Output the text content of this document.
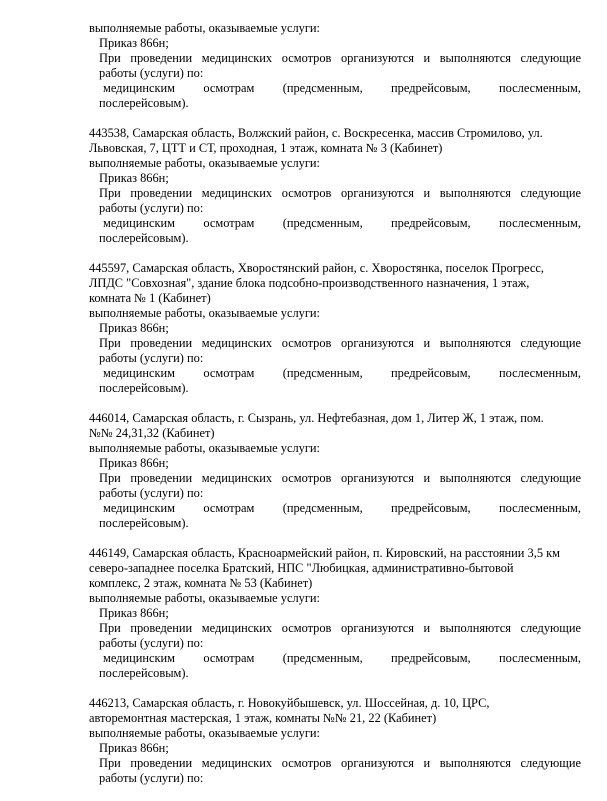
выполняемые работы, оказываемые услуги:
Приказ 866н;
При проведении медицинских осмотров организуются и выполняются следующие
работы (услуги) по:
медицинским осмотрам (предсменным, предрейсовым, послесменным,
послерейсовым).
443538, Самарская область, Волжский район, с. Воскресенка, массив Стромилово, ул.
Львовская, 7, ЦТТ и СТ, проходная, 1 этаж, комната № 3 (Кабинет)
выполняемые работы, оказываемые услуги:
Приказ 866н;
При проведении медицинских осмотров организуются и выполняются следующие
работы (услуги) по:
медицинским осмотрам (предсменным, предрейсовым, послесменным,
послерейсовым).
445597, Самарская область, Хворостянский район, с. Хворостянка, поселок Прогресс,
ЛПДС "Совхозная", здание блока подсобно-производственного назначения, 1 этаж,
комната № 1 (Кабинет)
выполняемые работы, оказываемые услуги:
Приказ 866н;
При проведении медицинских осмотров организуются и выполняются следующие
работы (услуги) по:
медицинским осмотрам (предсменным, предрейсовым, послесменным,
послерейсовым).
446014, Самарская область, г. Сызрань, ул. Нефтебазная, дом 1, Литер Ж, 1 этаж, пом.
№№ 24,31,32 (Кабинет)
выполняемые работы, оказываемые услуги:
Приказ 866н;
При проведении медицинских осмотров организуются и выполняются следующие
работы (услуги) по:
медицинским осмотрам (предсменным, предрейсовым, послесменным,
послерейсовым).
446149, Самарская область, Красноармейский район, п. Кировский, на расстоянии 3,5 км
северо-западнее поселка Братский, НПС "Любицкая, административно-бытовой
комплекс, 2 этаж, комната № 53 (Кабинет)
выполняемые работы, оказываемые услуги:
Приказ 866н;
При проведении медицинских осмотров организуются и выполняются следующие
работы (услуги) по:
медицинским осмотрам (предсменным, предрейсовым, послесменным,
послерейсовым).
446213, Самарская область, г. Новокуйбышевск, ул. Шоссейная, д. 10, ЦРС,
авторемонтная мастерская, 1 этаж, комнаты №№ 21, 22 (Кабинет)
выполняемые работы, оказываемые услуги:
Приказ 866н;
При проведении медицинских осмотров организуются и выполняются следующие
работы (услуги) по:
